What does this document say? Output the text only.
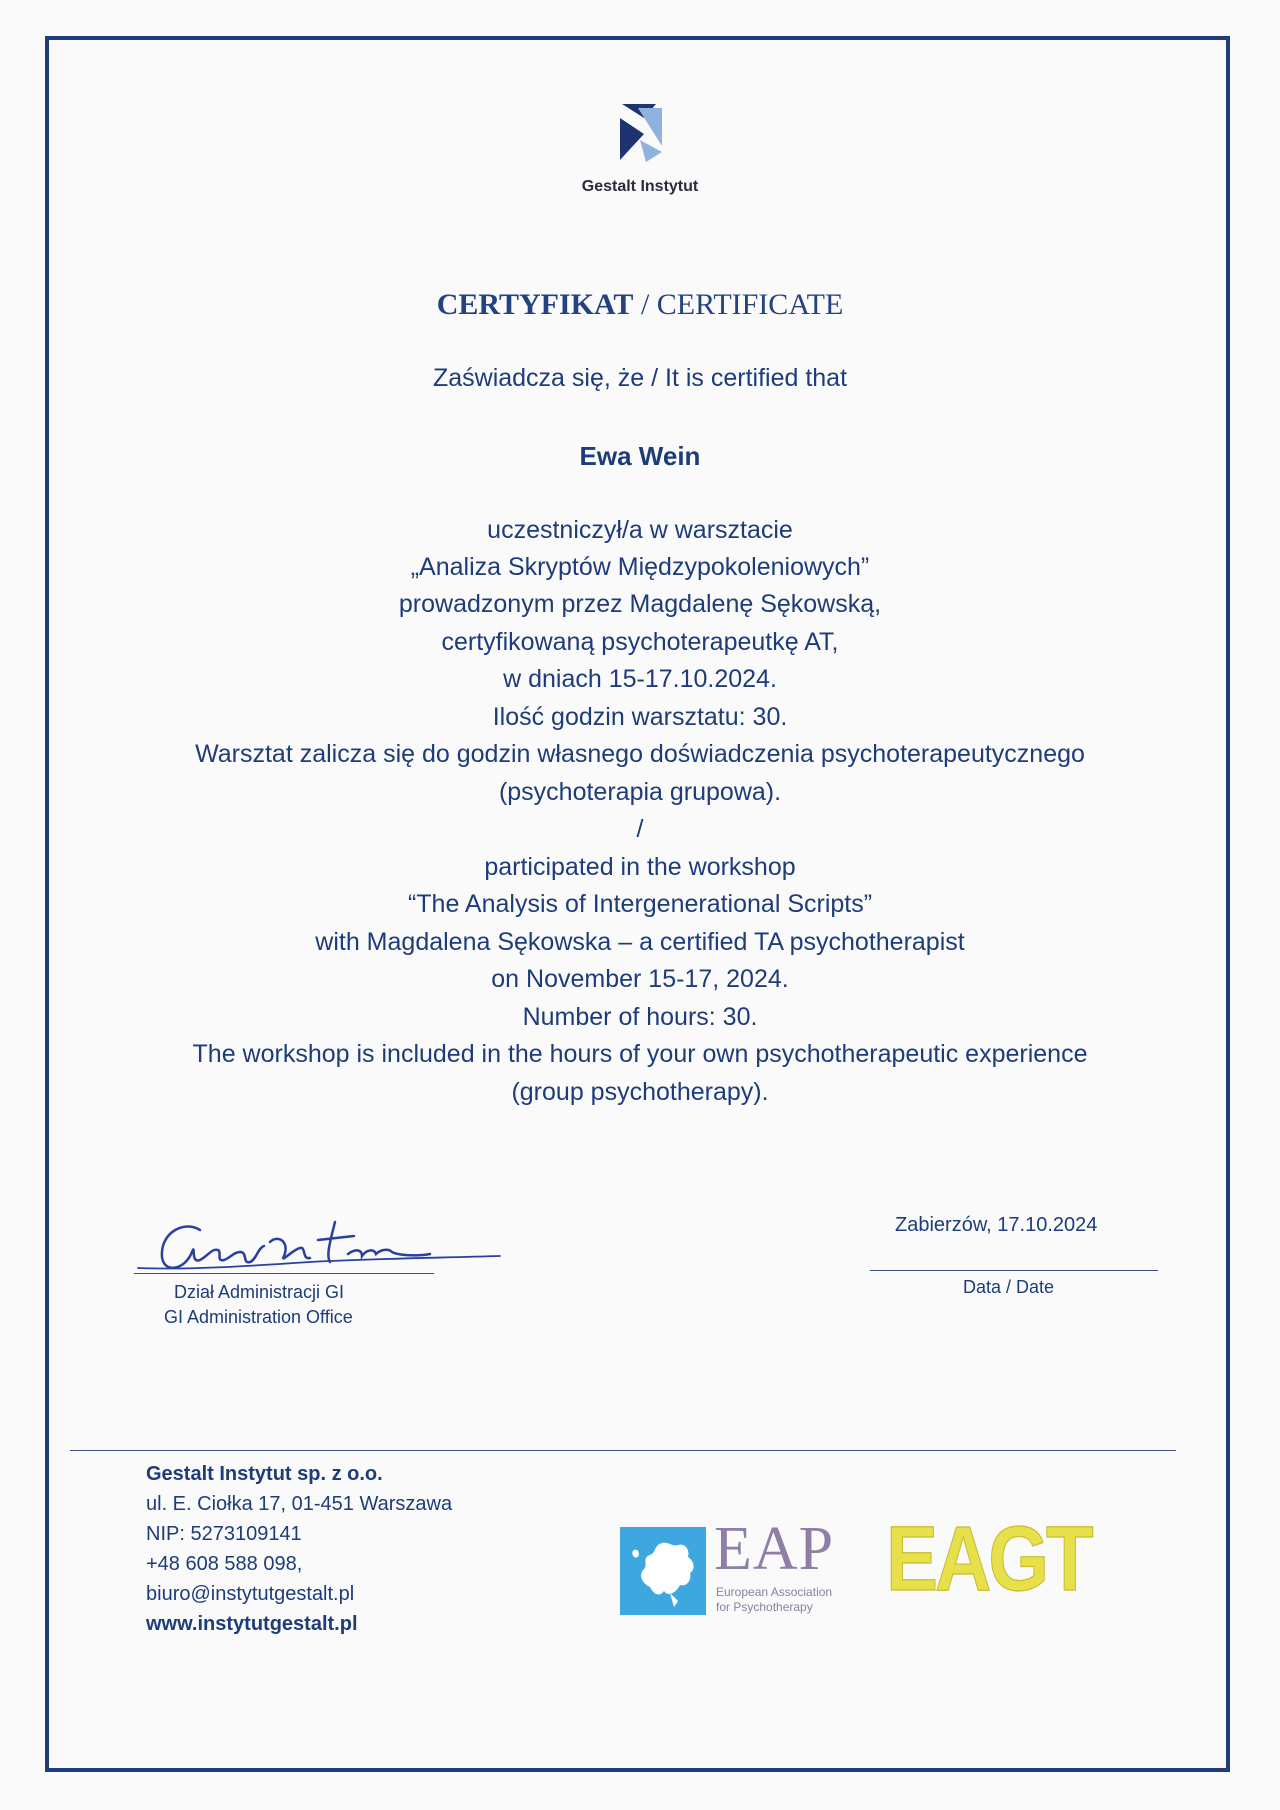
Gestalt Instytut
CERTYFIKAT / CERTIFICATE
Zaświadcza się, że / It is certified that
Ewa Wein
uczestniczył/a w warsztacie
„Analiza Skryptów Międzypokoleniowych”
prowadzonym przez Magdalenę Sękowską,
certyfikowaną psychoterapeutkę AT,
w dniach 15-17.10.2024.
Ilość godzin warsztatu: 30.
Warsztat zalicza się do godzin własnego doświadczenia psychoterapeutycznego
(psychoterapia grupowa).
/
participated in the workshop
“The Analysis of Intergenerational Scripts”
with Magdalena Sękowska – a certified TA psychotherapist
on November 15-17, 2024.
Number of hours: 30.
The workshop is included in the hours of your own psychotherapeutic experience
(group psychotherapy).
Dział Administracji GI
GI Administration Office
Zabierzów, 17.10.2024
Data / Date
Gestalt Instytut sp. z o.o.
ul. E. Ciołka 17, 01-451 Warszawa
NIP: 5273109141
+48 608 588 098,
biuro@instytutgestalt.pl
www.instytutgestalt.pl
EAP
European Association
for Psychotherapy EAGT
